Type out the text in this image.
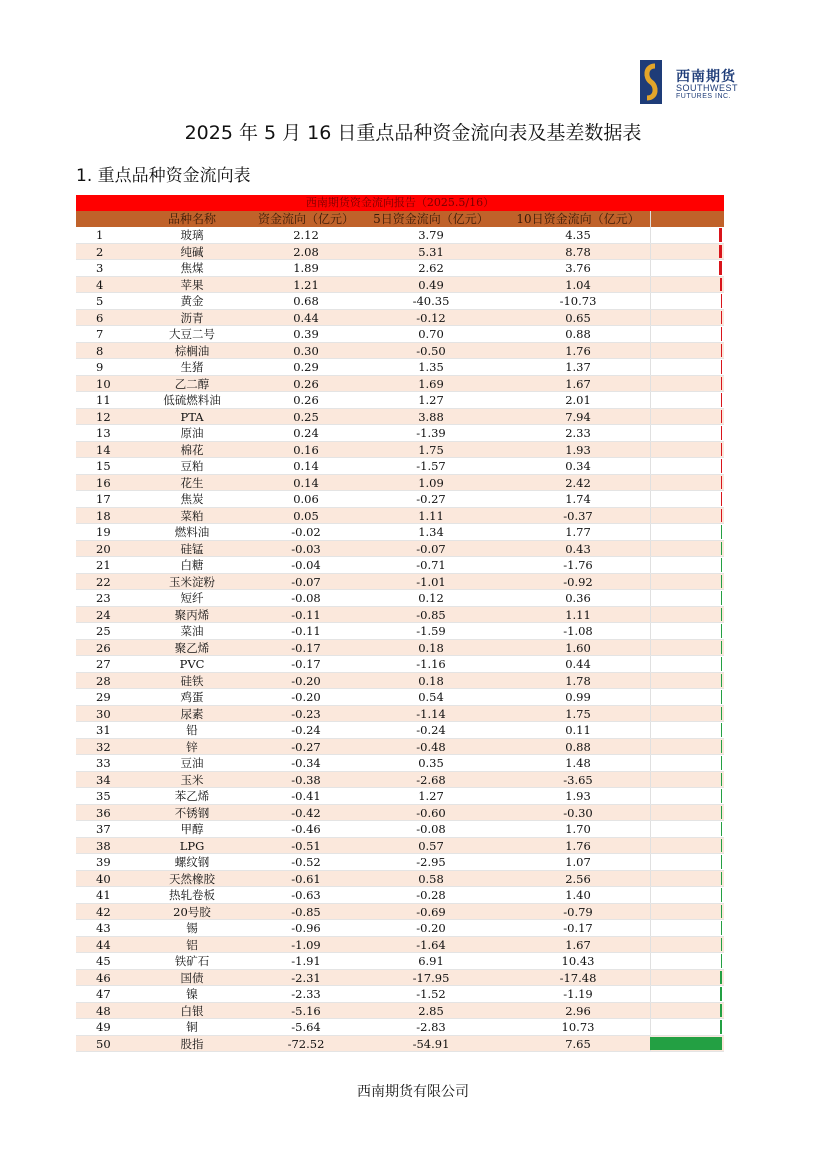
西南期货
SOUTHWEST
FUTURES INC.
2025 年 5 月 16 日重点品种资金流向表及基差数据表
1. 重点品种资金流向表
西南期货资金流向报告（2025.5/16）
品种名称	资金流向（亿元）	5日资金流向（亿元）	10日资金流向（亿元）
1	玻璃	2.12	3.79	4.35
2	纯碱	2.08	5.31	8.78
3	焦煤	1.89	2.62	3.76
4	苹果	1.21	0.49	1.04
5	黄金	0.68	-40.35	-10.73
6	沥青	0.44	-0.12	0.65
7	大豆二号	0.39	0.70	0.88
8	棕榈油	0.30	-0.50	1.76
9	生猪	0.29	1.35	1.37
10	乙二醇	0.26	1.69	1.67
11	低硫燃料油	0.26	1.27	2.01
12	PTA	0.25	3.88	7.94
13	原油	0.24	-1.39	2.33
14	棉花	0.16	1.75	1.93
15	豆粕	0.14	-1.57	0.34
16	花生	0.14	1.09	2.42
17	焦炭	0.06	-0.27	1.74
18	菜粕	0.05	1.11	-0.37
19	燃料油	-0.02	1.34	1.77
20	硅锰	-0.03	-0.07	0.43
21	白糖	-0.04	-0.71	-1.76
22	玉米淀粉	-0.07	-1.01	-0.92
23	短纤	-0.08	0.12	0.36
24	聚丙烯	-0.11	-0.85	1.11
25	菜油	-0.11	-1.59	-1.08
26	聚乙烯	-0.17	0.18	1.60
27	PVC	-0.17	-1.16	0.44
28	硅铁	-0.20	0.18	1.78
29	鸡蛋	-0.20	0.54	0.99
30	尿素	-0.23	-1.14	1.75
31	铅	-0.24	-0.24	0.11
32	锌	-0.27	-0.48	0.88
33	豆油	-0.34	0.35	1.48
34	玉米	-0.38	-2.68	-3.65
35	苯乙烯	-0.41	1.27	1.93
36	不锈钢	-0.42	-0.60	-0.30
37	甲醇	-0.46	-0.08	1.70
38	LPG	-0.51	0.57	1.76
39	螺纹钢	-0.52	-2.95	1.07
40	天然橡胶	-0.61	0.58	2.56
41	热轧卷板	-0.63	-0.28	1.40
42	20号胶	-0.85	-0.69	-0.79
43	锡	-0.96	-0.20	-0.17
44	铝	-1.09	-1.64	1.67
45	铁矿石	-1.91	6.91	10.43
46	国债	-2.31	-17.95	-17.48
47	镍	-2.33	-1.52	-1.19
48	白银	-5.16	2.85	2.96
49	铜	-5.64	-2.83	10.73
50	股指	-72.52	-54.91	7.65
西南期货有限公司
